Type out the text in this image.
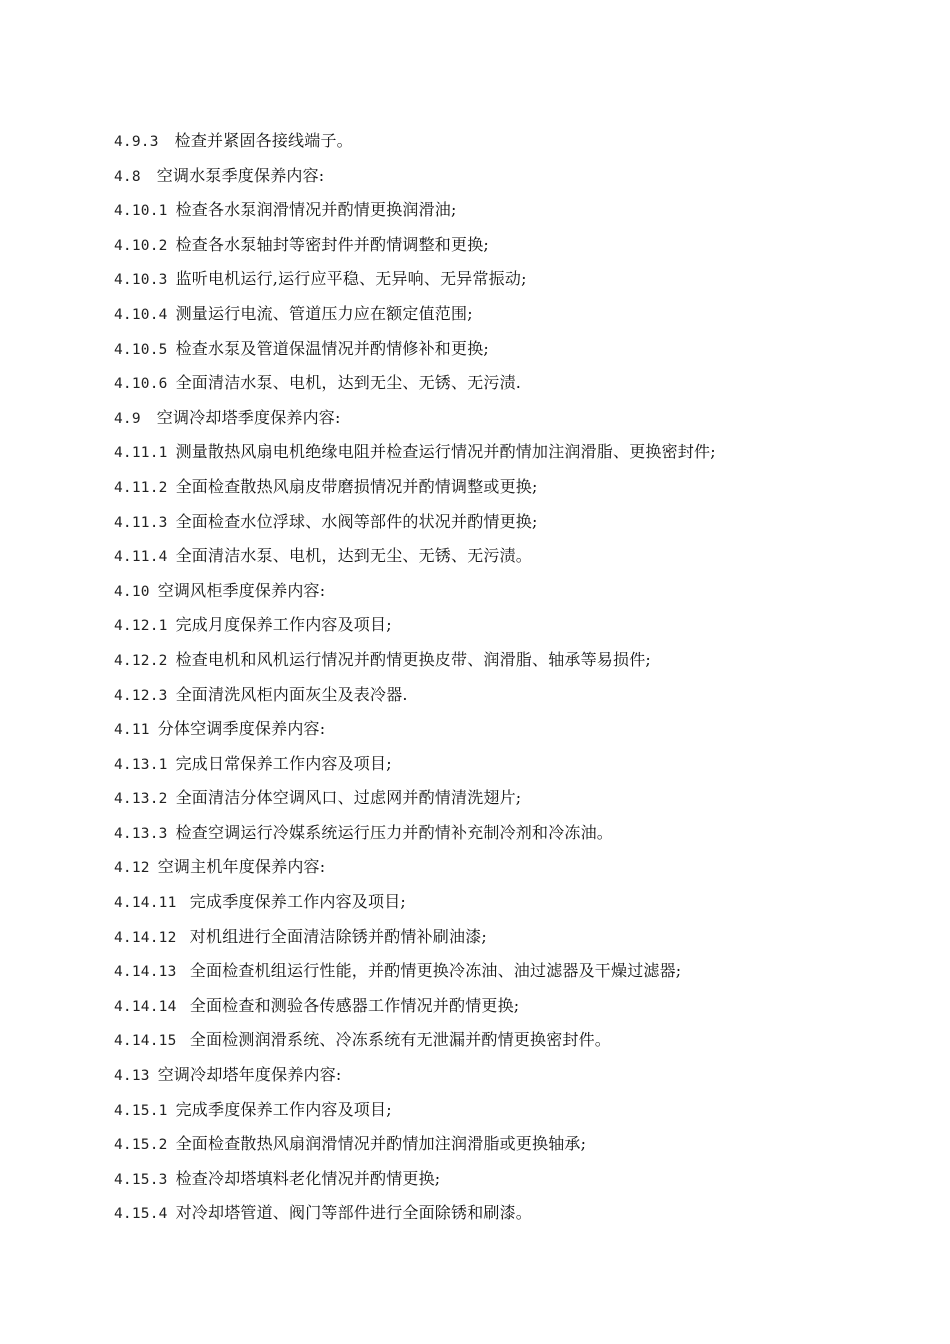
4.9.3 检查并紧固各接线端子。
4.8 空调水泵季度保养内容:
4.10.1 检查各水泵润滑情况并酌情更换润滑油;
4.10.2 检查各水泵轴封等密封件并酌情调整和更换;
4.10.3 监听电机运行,运行应平稳、无异响、无异常振动;
4.10.4 测量运行电流、管道压力应在额定值范围;
4.10.5 检查水泵及管道保温情况并酌情修补和更换;
4.10.6 全面清洁水泵、电机，达到无尘、无锈、无污渍.
4.9 空调冷却塔季度保养内容:
4.11.1 测量散热风扇电机绝缘电阻并检查运行情况并酌情加注润滑脂、更换密封件;
4.11.2 全面检查散热风扇皮带磨损情况并酌情调整或更换;
4.11.3 全面检查水位浮球、水阀等部件的状况并酌情更换;
4.11.4 全面清洁水泵、电机，达到无尘、无锈、无污渍。
4.10 空调风柜季度保养内容:
4.12.1 完成月度保养工作内容及项目;
4.12.2 检查电机和风机运行情况并酌情更换皮带、润滑脂、轴承等易损件;
4.12.3 全面清洗风柜内面灰尘及表冷器.
4.11 分体空调季度保养内容:
4.13.1 完成日常保养工作内容及项目;
4.13.2 全面清洁分体空调风口、过虑网并酌情清洗翅片;
4.13.3 检查空调运行冷媒系统运行压力并酌情补充制冷剂和冷冻油。
4.12 空调主机年度保养内容:
4.14.11 完成季度保养工作内容及项目;
4.14.12 对机组进行全面清洁除锈并酌情补刷油漆;
4.14.13 全面检查机组运行性能，并酌情更换冷冻油、油过滤器及干燥过滤器;
4.14.14 全面检查和测验各传感器工作情况并酌情更换;
4.14.15 全面检测润滑系统、冷冻系统有无泄漏并酌情更换密封件。
4.13 空调冷却塔年度保养内容:
4.15.1 完成季度保养工作内容及项目;
4.15.2 全面检查散热风扇润滑情况并酌情加注润滑脂或更换轴承;
4.15.3 检查冷却塔填料老化情况并酌情更换;
4.15.4 对冷却塔管道、阀门等部件进行全面除锈和刷漆。
